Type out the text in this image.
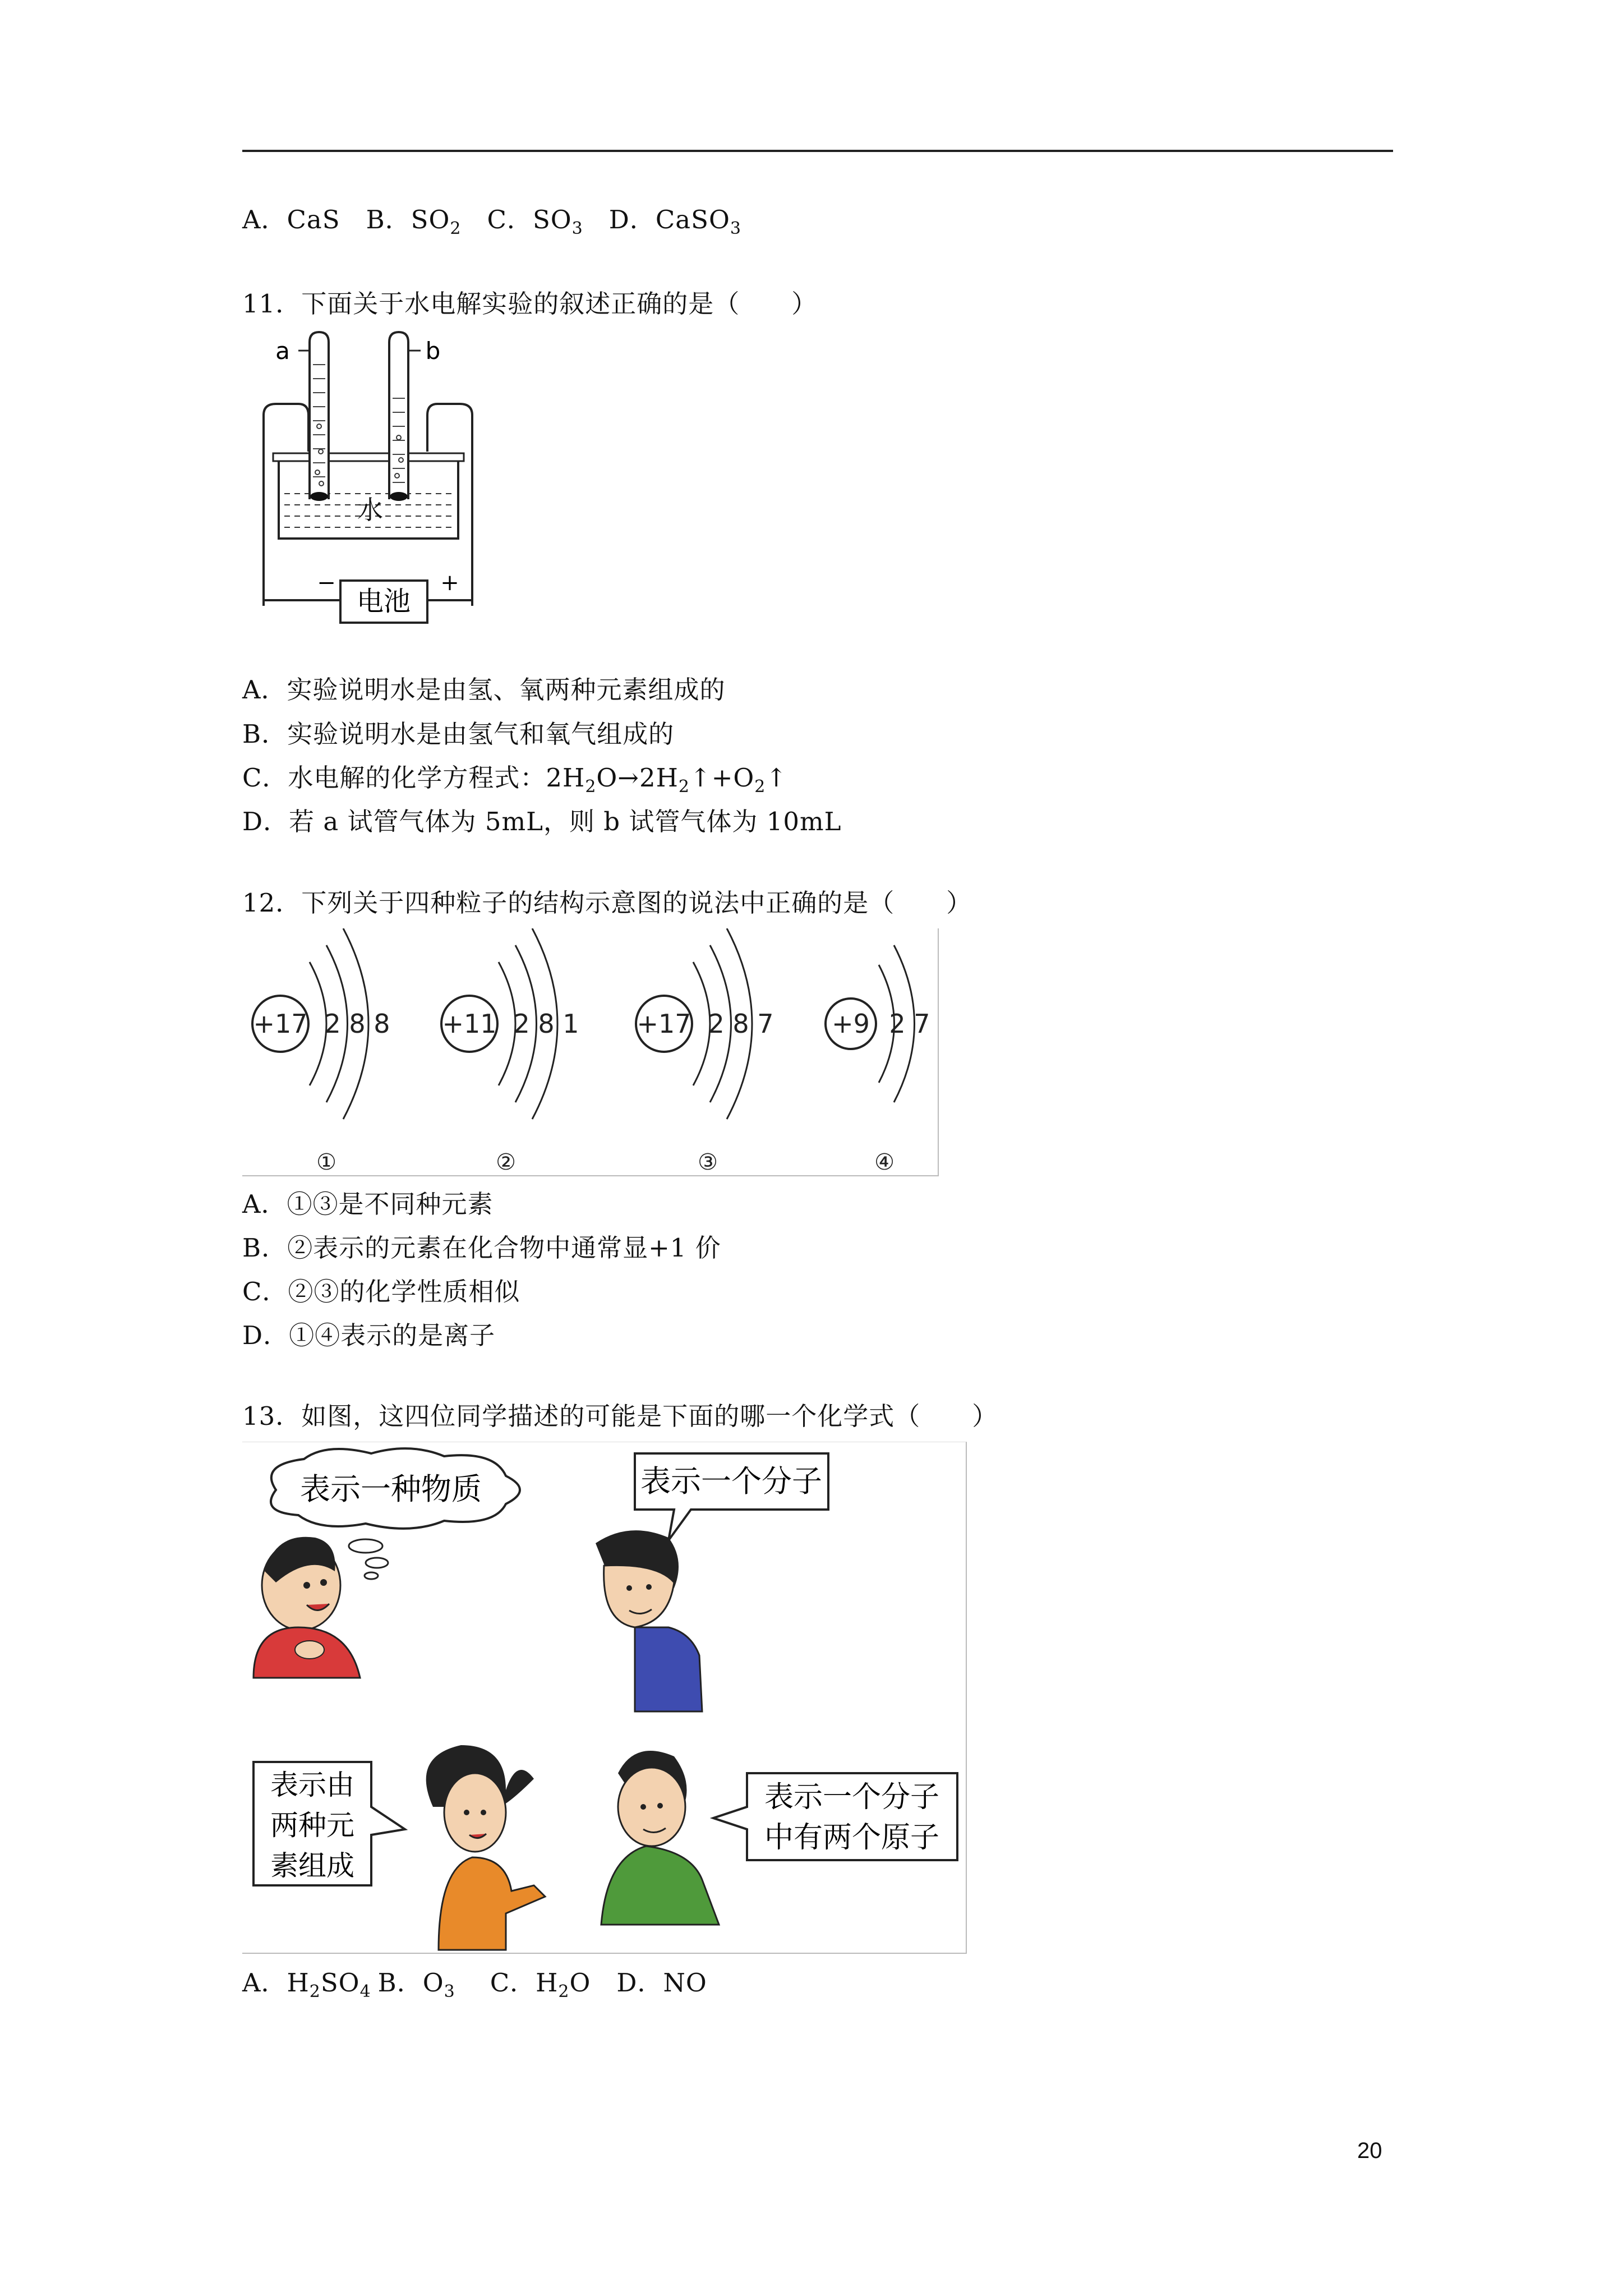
A．CaS B．$SO_2$ C．$SO_3$ D．CaSO$_3$
11．下面关于水电解实验的叙述正确的是（　　）
电池
−	+
水
a	b
A．实验说明水是由氢、氧两种元素组成的
B．实验说明水是由氢气和氧气组成的
C．水电解的化学方程式：$2H_2O\to 2H_2↑+O_2↑$
D．若 a 试管气体为 5mL，则 b 试管气体为 10mL
12．下列关于四种粒子的结构示意图的说法中正确的是（　　）
+17 2 8 8
①
+11 2 8 1
②
+17 2 8 7
③
+9 2 7
④
A．①③是不同种元素
B．②表示的元素在化合物中通常显+1 价
C．②③的化学性质相似
D．①④表示的是离子
13．如图，这四位同学描述的可能是下面的哪一个化学式（　　）
表示一种物质	表示一个分子
表示由
两种元
素组成
表示一个分子
中有两个原子
A．$H_2SO_4$ B．$O_3$ C．$H_2O$ D．NO
20
